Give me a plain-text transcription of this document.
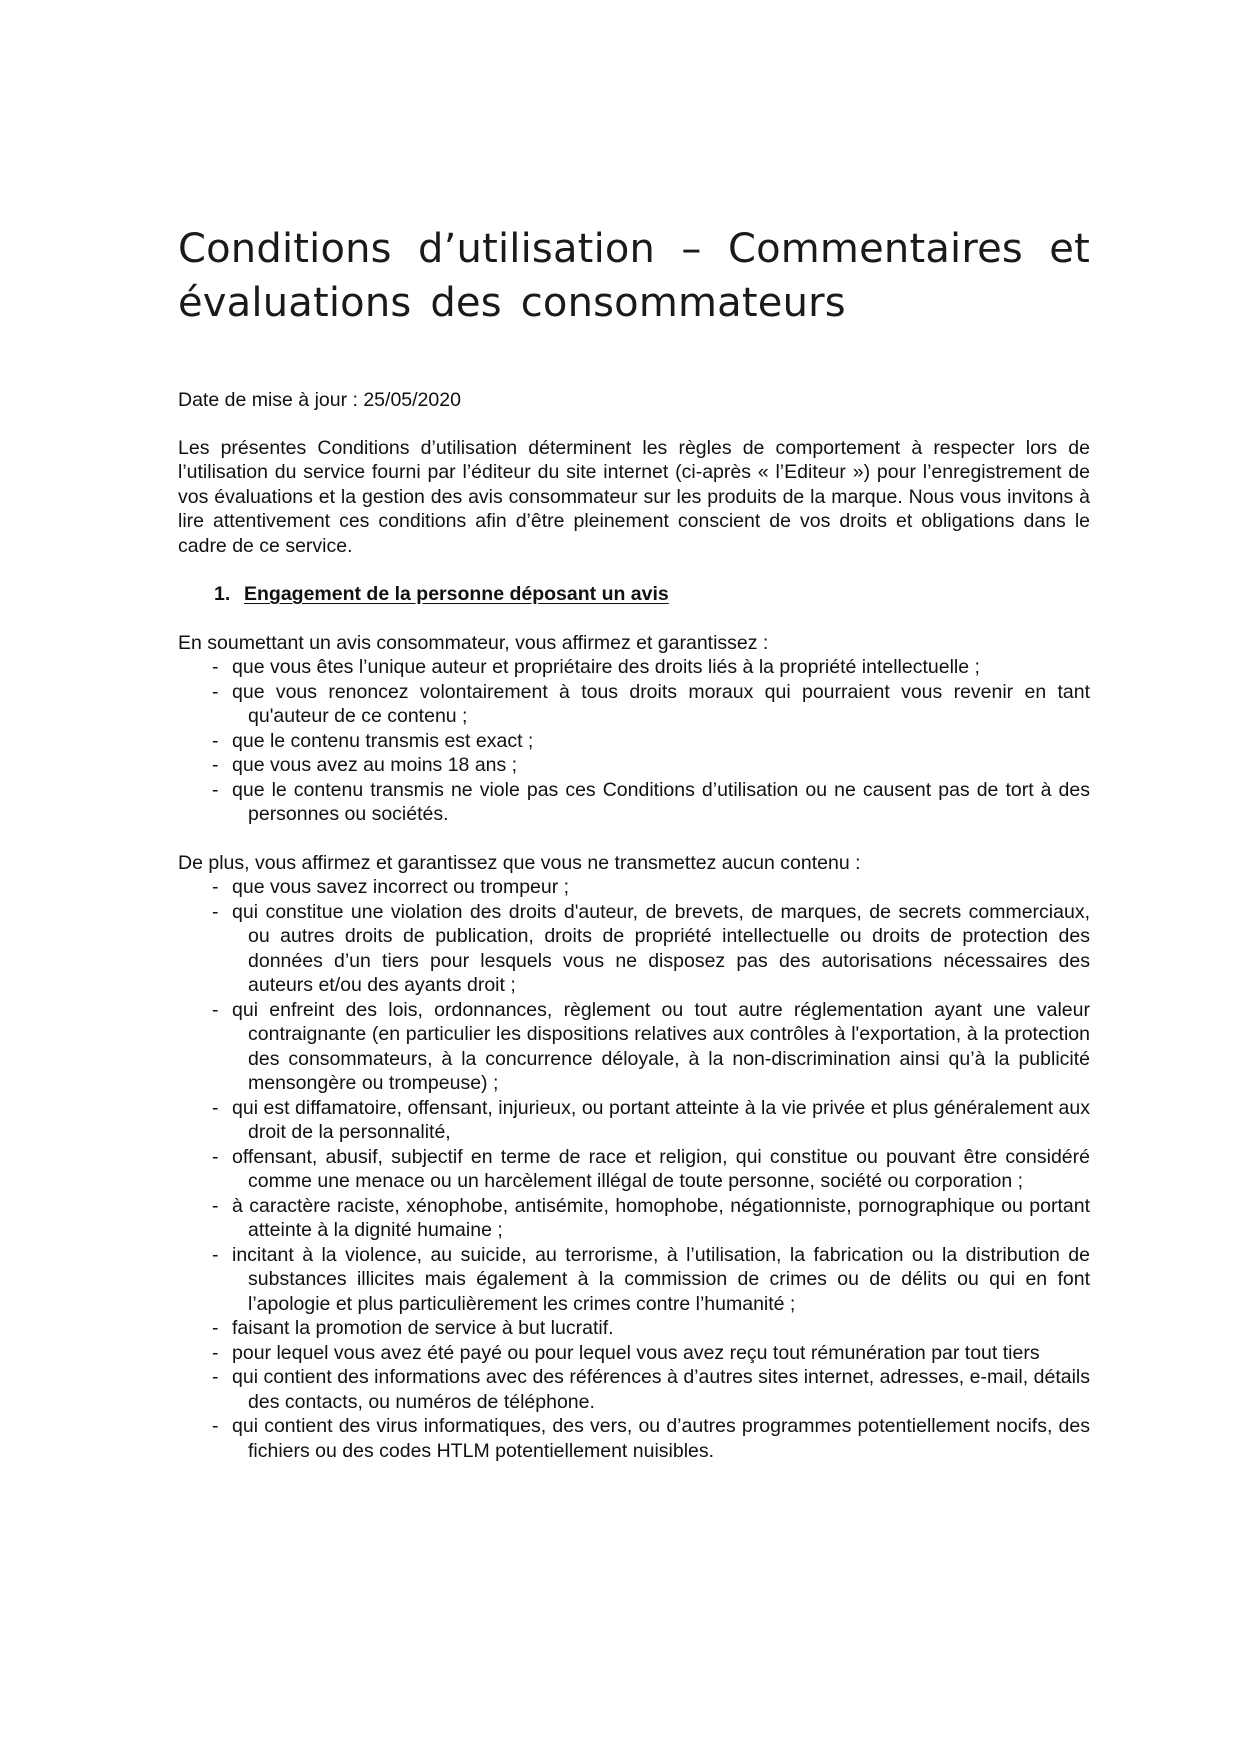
Conditions d’utilisation – Commentaires et évaluations des consommateurs

Date de mise à jour : 25/05/2020

Les présentes Conditions d’utilisation déterminent les règles de comportement à respecter lors de l’utilisation du service fourni par l’éditeur du site internet (ci-après « l’Editeur ») pour l’enregistrement de vos évaluations et la gestion des avis consommateur sur les produits de la marque. Nous vous invitons à lire attentivement ces conditions afin d’être pleinement conscient de vos droits et obligations dans le cadre de ce service.

1. Engagement de la personne déposant un avis

En soumettant un avis consommateur, vous affirmez et garantissez :

- que vous êtes l’unique auteur et propriétaire des droits liés à la propriété intellectuelle ;
- que vous renoncez volontairement à tous droits moraux qui pourraient vous revenir en tant qu'auteur de ce contenu ;
- que le contenu transmis est exact ;
- que vous avez au moins 18 ans ;
- que le contenu transmis ne viole pas ces Conditions d’utilisation ou ne causent pas de tort à des personnes ou sociétés.

De plus, vous affirmez et garantissez que vous ne transmettez aucun contenu :

- que vous savez incorrect ou trompeur ;
- qui constitue une violation des droits d'auteur, de brevets, de marques, de secrets commerciaux, ou autres droits de publication, droits de propriété intellectuelle ou droits de protection des données d’un tiers pour lesquels vous ne disposez pas des autorisations nécessaires des auteurs et/ou des ayants droit ;
- qui enfreint des lois, ordonnances, règlement ou tout autre réglementation ayant une valeur contraignante (en particulier les dispositions relatives aux contrôles à l'exportation, à la protection des consommateurs, à la concurrence déloyale, à la non-discrimination ainsi qu’à la publicité mensongère ou trompeuse) ;
- qui est diffamatoire, offensant, injurieux, ou portant atteinte à la vie privée et plus généralement aux droit de la personnalité,
- offensant, abusif, subjectif en terme de race et religion, qui constitue ou pouvant être considéré comme une menace ou un harcèlement illégal de toute personne, société ou corporation ;
- à caractère raciste, xénophobe, antisémite, homophobe, négationniste, pornographique ou portant atteinte à la dignité humaine ;
- incitant à la violence, au suicide, au terrorisme, à l’utilisation, la fabrication ou la distribution de substances illicites mais également à la commission de crimes ou de délits ou qui en font l’apologie et plus particulièrement les crimes contre l’humanité ;
- faisant la promotion de service à but lucratif.
- pour lequel vous avez été payé ou pour lequel vous avez reçu tout rémunération par tout tiers
- qui contient des informations avec des références à d’autres sites internet, adresses, e-mail, détails des contacts, ou numéros de téléphone.
- qui contient des virus informatiques, des vers, ou d’autres programmes potentiellement nocifs, des fichiers ou des codes HTLM potentiellement nuisibles.
